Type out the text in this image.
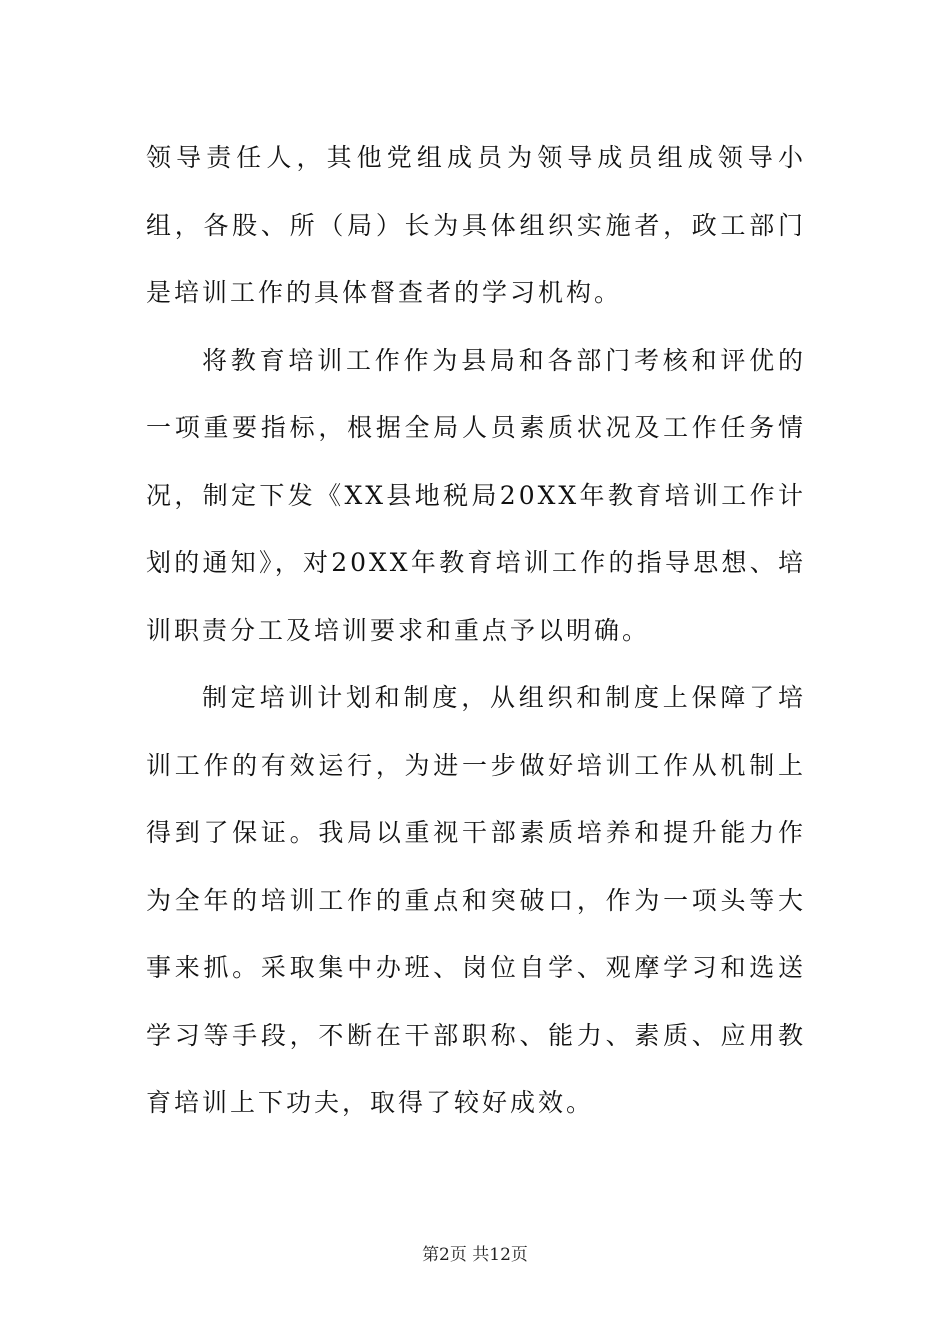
领导责任人，其他党组成员为领导成员组成领导小组，各股、所（局）长为具体组织实施者，政工部门是培训工作的具体督查者的学习机构。

将教育培训工作作为县局和各部门考核和评优的一项重要指标，根据全局人员素质状况及工作任务情况，制定下发《XX县地税局20XX年教育培训工作计划的通知》，对20XX年教育培训工作的指导思想、培训职责分工及培训要求和重点予以明确。

制定培训计划和制度，从组织和制度上保障了培训工作的有效运行，为进一步做好培训工作从机制上得到了保证。我局以重视干部素质培养和提升能力作为全年的培训工作的重点和突破口，作为一项头等大事来抓。采取集中办班、岗位自学、观摩学习和选送学习等手段，不断在干部职称、能力、素质、应用教育培训上下功夫，取得了较好成效。

第2页 共12页
